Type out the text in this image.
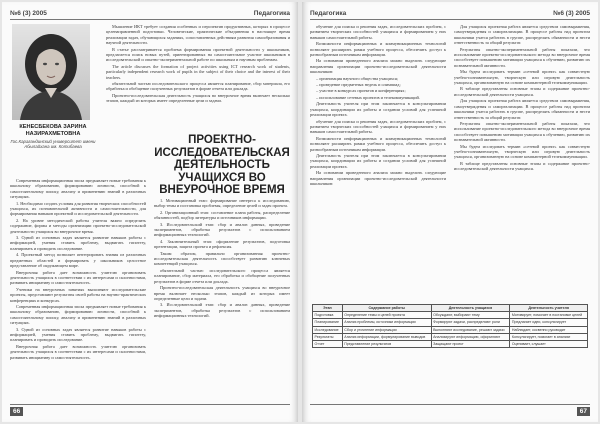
№6 (3) 2005	Педагогика
КЕНЕСБЕКОВА ЗАРИНА НАЗИРАХМЕТОВНА
Гос.Карагандинский университет имени Абылайхана им. Котибаева

Мышление ИКТ требует создания особенных и перспектив продуктивных, которых в процессе целенаправленной подготовки. Человеческие, практические объединения в настоящее время реализации задач, обучающихся заданиях, сопоставленных действиям развития самообразования и научной деятельности.

В статье рассматривается проблема формирования проектной деятельности у школьников, предлагается поиск новых путей, ориентированных на самостоятельное участие школьников в исследовательской и опытно-экспериментальной работе по школьным и научным проблемам.

The article discusses the formation of project activities using ICT research work of students, particularly independent research work of pupils in the subject of their choice and the interest of their teachers.

обязательной частью исследовательского процесса является планирование, сбор материала, его обработка и обобщение полученных результатов в форме отчета или доклада.

Проектно-исследовательская деятельность учащихся во внеурочное время включает несколько этапов, каждый из которых имеет определенные цели и задачи.

ПРОЕКТНО-ИССЛЕДОВАТЕЛЬСКАЯ ДЕЯТЕЛЬНОСТЬ УЧАЩИХСЯ ВО ВНЕУРОЧНОЕ ВРЕМЯ

Современная информационная эпоха предъявляет новые требования к школьному образованию, формированию личности, способной к самостоятельному поиску, анализу и применению знаний в различных ситуациях.

1. Необходимо создать условия для развития творческих способностей учащихся, их познавательной активности и самостоятельности, для формирования навыков проектной и исследовательской деятельности.

2. На уровне методической работы учителя важно определить содержание, формы и методы организации проектно-исследовательской деятельности учащихся во внеурочное время.

3. Одной из основных задач является развитие навыков работы с информацией, умения ставить проблему, выдвигать гипотезу, планировать и проводить исследование.

4. Проектный метод позволяет интегрировать знания из различных предметных областей и формировать у школьников целостное представление об окружающем мире.

Внеурочная работа дает возможность учителю организовать деятельность учащихся в соответствии с их интересами и склонностями, развивать инициативу и самостоятельность.

Ученики на внеурочных занятиях выполняют исследовательские проекты, представляют результаты своей работы на научно-практических конференциях и конкурсах.

Современная информационная эпоха предъявляет новые требования к школьному образованию, формированию личности, способной к самостоятельному поиску, анализу и применению знаний в различных ситуациях.

3. Одной из основных задач является развитие навыков работы с информацией, умения ставить проблему, выдвигать гипотезу, планировать и проводить исследование.

Внеурочная работа дает возможность учителю организовать деятельность учащихся в соответствии с их интересами и склонностями, развивать инициативу и самостоятельность.

1. Мотивационный этап: формирование интереса к исследованию, выбор темы и постановка проблемы, определение целей и задач проекта.

2. Организационный этап: составление плана работы, распределение обязанностей, подбор литературы и источников информации.

3. Исследовательский этап: сбор и анализ данных, проведение экспериментов, обработка результатов с использованием информационных технологий.

4. Заключительный этап: оформление результатов, подготовка презентации, защита проекта и рефлексия.

Таким образом, правильно организованная проектно-исследовательская деятельность способствует развитию ключевых компетенций учащихся.

обязательной частью исследовательского процесса является планирование, сбор материала, его обработка и обобщение полученных результатов в форме отчета или доклада.

Проектно-исследовательская деятельность учащихся во внеурочное время включает несколько этапов, каждый из которых имеет определенные цели и задачи.

3. Исследовательский этап: сбор и анализ данных, проведение экспериментов, обработка результатов с использованием информационных технологий.

66
Педагогика	№6 (3) 2005

обучение для поиска и решения задач, исследовательских проблем, с развитием творческих способностей учащихся и формированием у них навыков самостоятельной работы.

Возможности информационных и коммуникационных технологий позволяют расширить рамки учебного процесса, обеспечить доступ к разнообразным источникам информации.

На основании проведенного анализа можно выделить следующие направления организации проектно-исследовательской деятельности школьников:

– организация научного общества учащихся;

– проведение предметных недель и олимпиад;

– участие в конкурсах проектов и конференциях;

– использование сетевых проектов и телекоммуникаций.

Деятельность учителя при этом заключается в консультировании учащихся, координации их работы и создании условий для успешной реализации проекта.

обучение для поиска и решения задач, исследовательских проблем, с развитием творческих способностей учащихся и формированием у них навыков самостоятельной работы.

Возможности информационных и коммуникационных технологий позволяют расширить рамки учебного процесса, обеспечить доступ к разнообразным источникам информации.

Деятельность учителя при этом заключается в консультировании учащихся, координации их работы и создании условий для успешной реализации проекта.

На основании проведенного анализа можно выделить следующие направления организации проектно-исследовательской деятельности школьников:

Для учащихся проектная работа является средством самовыражения, самоутверждения и самореализации. В процессе работы над проектом школьники учатся работать в группе, распределять обязанности и нести ответственность за общий результат.

Результаты опытно-экспериментальной работы показали, что использование проектно-исследовательского метода во внеурочное время способствует повышению мотивации учащихся к обучению, развитию их познавательной активности.

Мы будем исследовать термин «сетевой проект» как совместную учебно-познавательную, творческую или игровую деятельность учащихся, организованную на основе компьютерной телекоммуникации.

В таблице представлены основные этапы и содержание проектно-исследовательской деятельности учащихся.

Для учащихся проектная работа является средством самовыражения, самоутверждения и самореализации. В процессе работы над проектом школьники учатся работать в группе, распределять обязанности и нести ответственность за общий результат.

Результаты опытно-экспериментальной работы показали, что использование проектно-исследовательского метода во внеурочное время способствует повышению мотивации учащихся к обучению, развитию их познавательной активности.

Мы будем исследовать термин «сетевой проект» как совместную учебно-познавательную, творческую или игровую деятельность учащихся, организованную на основе компьютерной телекоммуникации.

В таблице представлены основные этапы и содержание проектно-исследовательской деятельности учащихся.

Этап	Содержание работы	Деятельность учащихся	Деятельность учителя
Подготовка	Определение темы и целей проекта	Обсуждают, выбирают тему	Мотивирует, помогает в постановке целей
Планирование	Анализ проблемы, источники информации	Формируют задачи, распределяют роли	Предлагает идеи, консультирует
Исследование	Сбор и уточнение информации	Выполняют исследование, решают задачи	Наблюдает, косвенно руководит
Результаты	Анализ информации, формулирование выводов	Анализируют информацию, оформляют	Консультирует, помогает в анализе
Отчет	Представление результатов	Защищают проект	Оценивает, слушает
67
